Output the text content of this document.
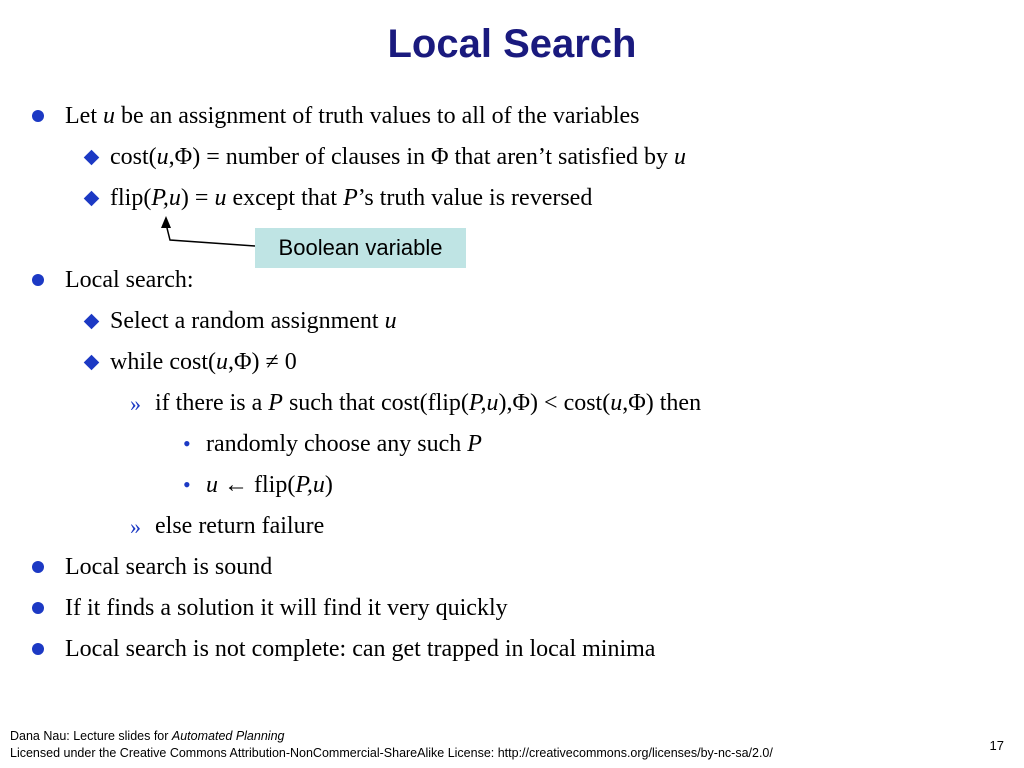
Local Search
Let u be an assignment of truth values to all of the variables
cost(u,Φ) = number of clauses in Φ that aren’t satisfied by u
flip(P,u) = u except that P’s truth value is reversed
Boolean variable
Local search:
Select a random assignment u
while cost(u,Φ) ≠ 0
» if there is a P such that cost(flip(P,u),Φ) < cost(u,Φ) then
• randomly choose any such P
• u ← flip(P,u)
» else return failure
Local search is sound
If it finds a solution it will find it very quickly
Local search is not complete: can get trapped in local minima
Dana Nau: Lecture slides for Automated Planning
Licensed under the Creative Commons Attribution-NonCommercial-ShareAlike License: http://creativecommons.org/licenses/by-nc-sa/2.0/	17
